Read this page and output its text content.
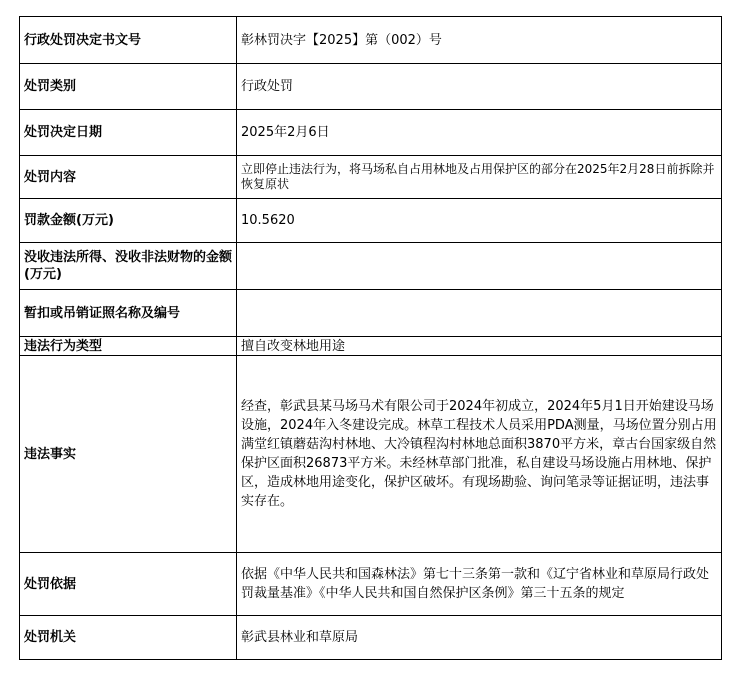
行政处罚决定书文号	彰林罚决字【2025】第（002）号
处罚类别	行政处罚
处罚决定日期	2025年2月6日
处罚内容	立即停止违法行为，将马场私自占用林地及占用保护区的部分在2025年2月28日前拆除并恢复原状

罚款金额(万元)	10.5620

没收违法所得、没收非法财物的金额(万元)	

暂扣或吊销证照名称及编号	
违法行为类型	擅自改变林地用途
违法事实	经查，彰武县某马场马术有限公司于2024年初成立，2024年5月1日开始建设马场设施，2024年入冬建设完成。林草工程技术人员采用PDA测量，马场位置分别占用满堂红镇蘑菇沟村林地、大冷镇程沟村林地总面积3870平方米，章古台国家级自然保护区面积26873平方米。未经林草部门批准，私自建设马场设施占用林地、保护区，造成林地用途变化，保护区破坏。有现场勘验、询问笔录等证据证明，违法事实存在。

处罚依据	依据《中华人民共和国森林法》第七十三条第一款和《辽宁省林业和草原局行政处罚裁量基准》《中华人民共和国自然保护区条例》第三十五条的规定

处罚机关	彰武县林业和草原局
